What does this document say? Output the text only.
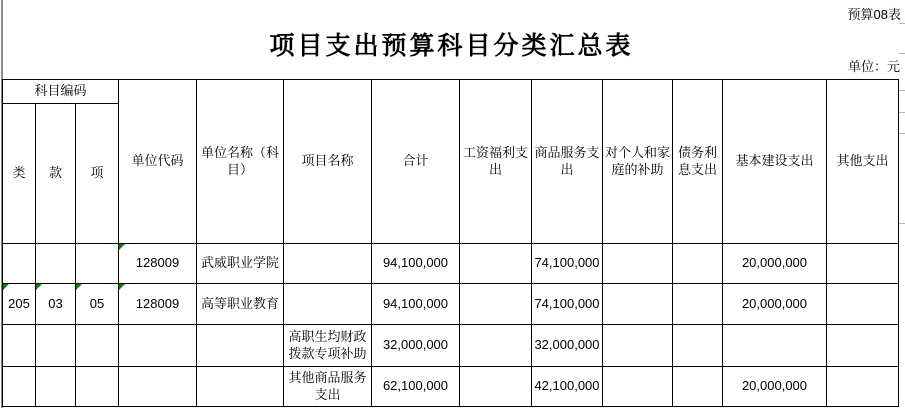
预算08表
项目支出预算科目分类汇总表
单位：元
科目编码			单位代码	单位名称（科目）	项目名称	合计	工资福利支出	商品服务支出	对个人和家庭的补助	债务利息支出	基本建设支出	其他支出
类	款	项										
			128009	武威职业学院		94,100,000		74,100,000			20,000,000	
205	03	05	128009	高等职业教育		94,100,000		74,100,000			20,000,000	
					高职生均财政拨款专项补助	32,000,000		32,000,000				
					其他商品服务支出	62,100,000		42,100,000			20,000,000	
